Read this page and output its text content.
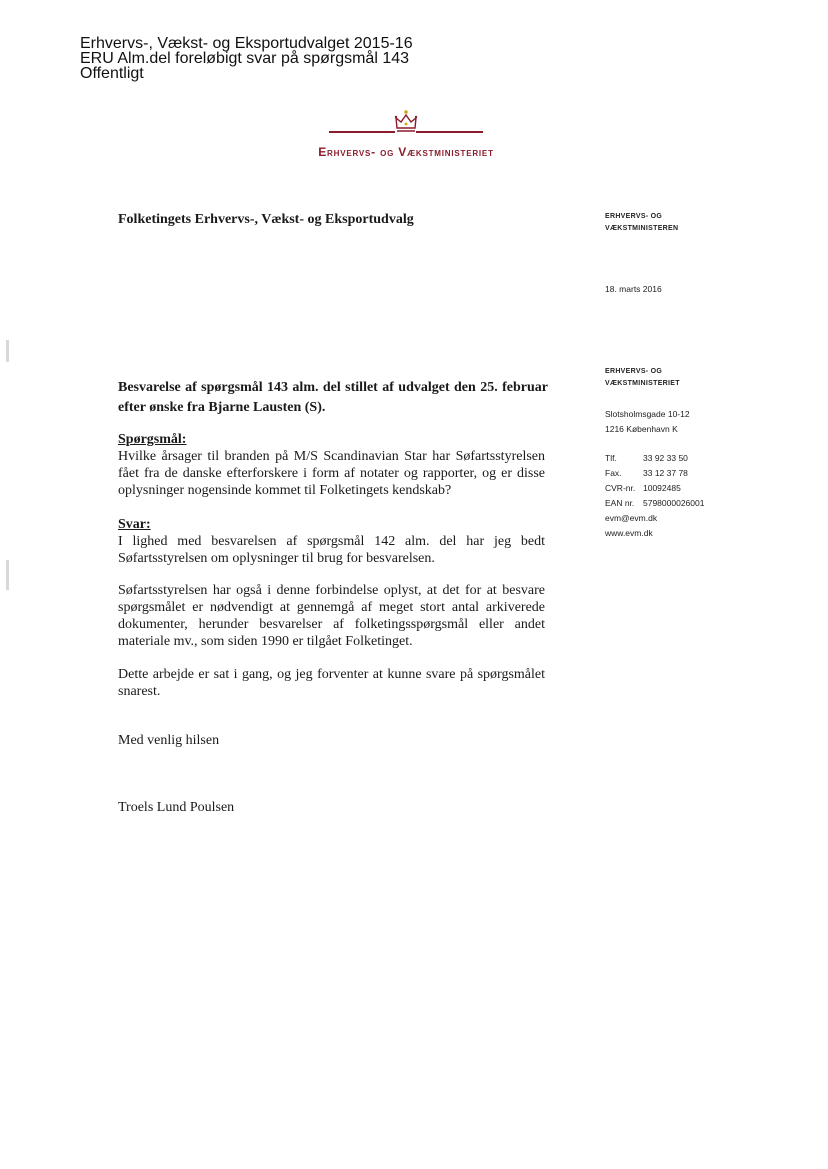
Erhvervs-, Vækst- og Eksportudvalget 2015-16
ERU Alm.del foreløbigt svar på spørgsmål 143
Offentligt
Erhvervs- og Vækstministeriet
Folketingets Erhvervs-, Vækst- og Eksportudvalg	ERHVERVS- OG
VÆKSTMINISTEREN
18. marts 2016
ERHVERVS- OG
VÆKSTMINISTERIET
Slotsholmsgade 10-12
1216 København K
Tlf.	33 92 33 50
Fax.	33 12 37 78
CVR-nr. 10092485
EAN nr.	5798000026001
evm@evm.dk
www.evm.dk
Besvarelse af spørgsmål 143 alm. del stillet af udvalget den 25. februar efter ønske fra Bjarne Lausten (S).
Spørgsmål:
Hvilke årsager til branden på M/S Scandinavian Star har Søfartsstyrelsen fået fra de danske efterforskere i form af notater og rapporter, og er disse oplysninger nogensinde kommet til Folketingets kendskab?
Svar:
I lighed med besvarelsen af spørgsmål 142 alm. del har jeg bedt Søfartsstyrelsen om oplysninger til brug for besvarelsen.
Søfartsstyrelsen har også i denne forbindelse oplyst, at det for at besvare spørgsmålet er nødvendigt at gennemgå af meget stort antal arkiverede dokumenter, herunder besvarelser af folketingsspørgsmål eller andet materiale mv., som siden 1990 er tilgået Folketinget.
Dette arbejde er sat i gang, og jeg forventer at kunne svare på spørgsmålet snarest.
Med venlig hilsen
Troels Lund Poulsen
